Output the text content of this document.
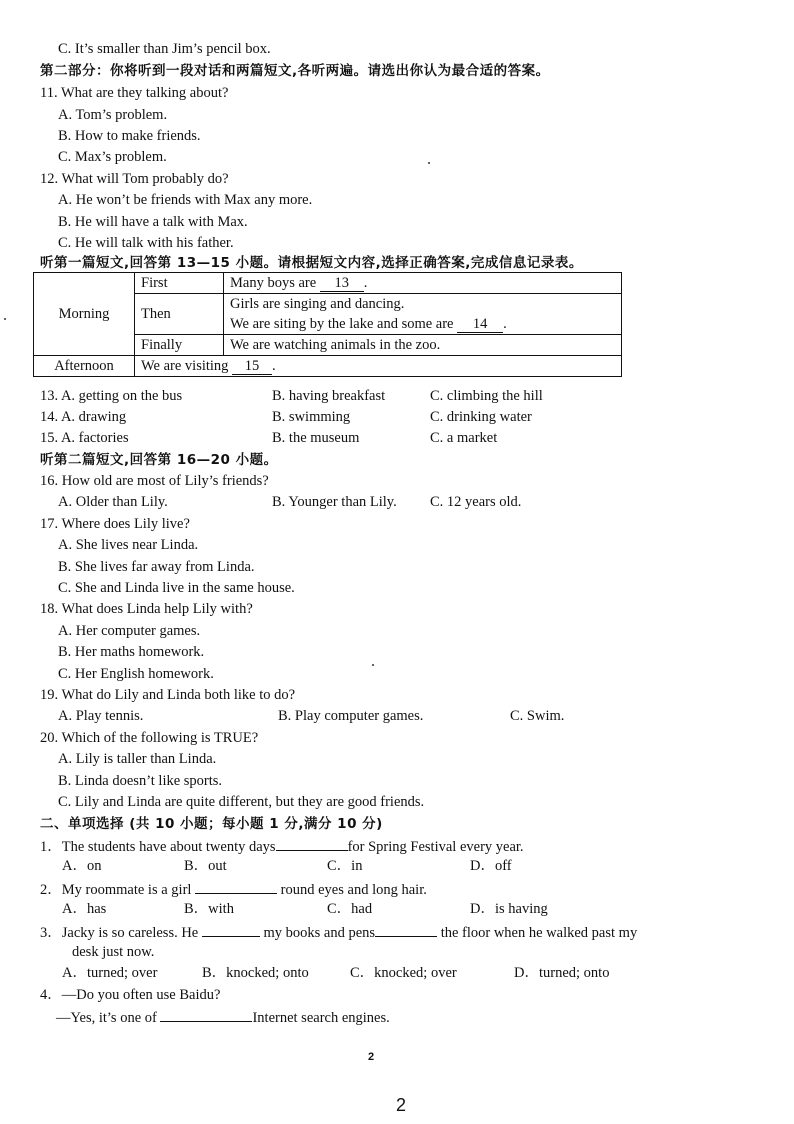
C. It’s smaller than Jim’s pencil box.
第二部分：你将听到一段对话和两篇短文,各听两遍。请选出你认为最合适的答案。
11. What are they talking about?
A. Tom’s problem.
B. How to make friends.
C. Max’s problem.
12. What will Tom probably do?
A. He won’t be friends with Max any more.
B. He will have a talk with Max.
C. He will talk with his father.
听第一篇短文,回答第 13—15 小题。请根据短文内容,选择正确答案,完成信息记录表。
Morning	First	Many boys are 13 .
	Then	Girls are singing and dancing.
We are siting by the lake and some are 14 .

	Finally	We are watching animals in the zoo.
Afternoon	We are visiting 15 .	
13. A. getting on the bus	B. having breakfast	C. climbing the hill
14. A. drawing	B. swimming	C. drinking water
15. A. factories	B. the museum	C. a market
听第二篇短文,回答第 16—20 小题。
16. How old are most of Lily’s friends?
A. Older than Lily.	B. Younger than Lily. C. 12 years old.
17. Where does Lily live?
A. She lives near Linda.
B. She lives far away from Linda.
C. She and Linda live in the same house.
18. What does Linda help Lily with?
A. Her computer games.
B. Her maths homework.
C. Her English homework.
19. What do Lily and Linda both like to do?
A. Play tennis.	B. Play computer games.	C. Swim.
20. Which of the following is TRUE?
A. Lily is taller than Linda.
B. Linda doesn’t like sports.
C. Lily and Linda are quite different, but they are good friends.
二、单项选择 (共 10 小题；每小题 1 分,满分 10 分)
1．The students have about twenty days	for Spring Festival every year.
A．on	B．out	C．in	D．off
2．My roommate is a girl	round eyes and long hair.
A．has	B．with	C．had	D．is having
3．Jacky is so careless. He	my books and pens	the floor when he walked past my
desk just now.
A．turned; over	B．knocked; onto	C．knocked; over	D．turned; onto
4．—Do you often use Baidu?
—Yes, it’s one of	Internet search engines.
2
2
